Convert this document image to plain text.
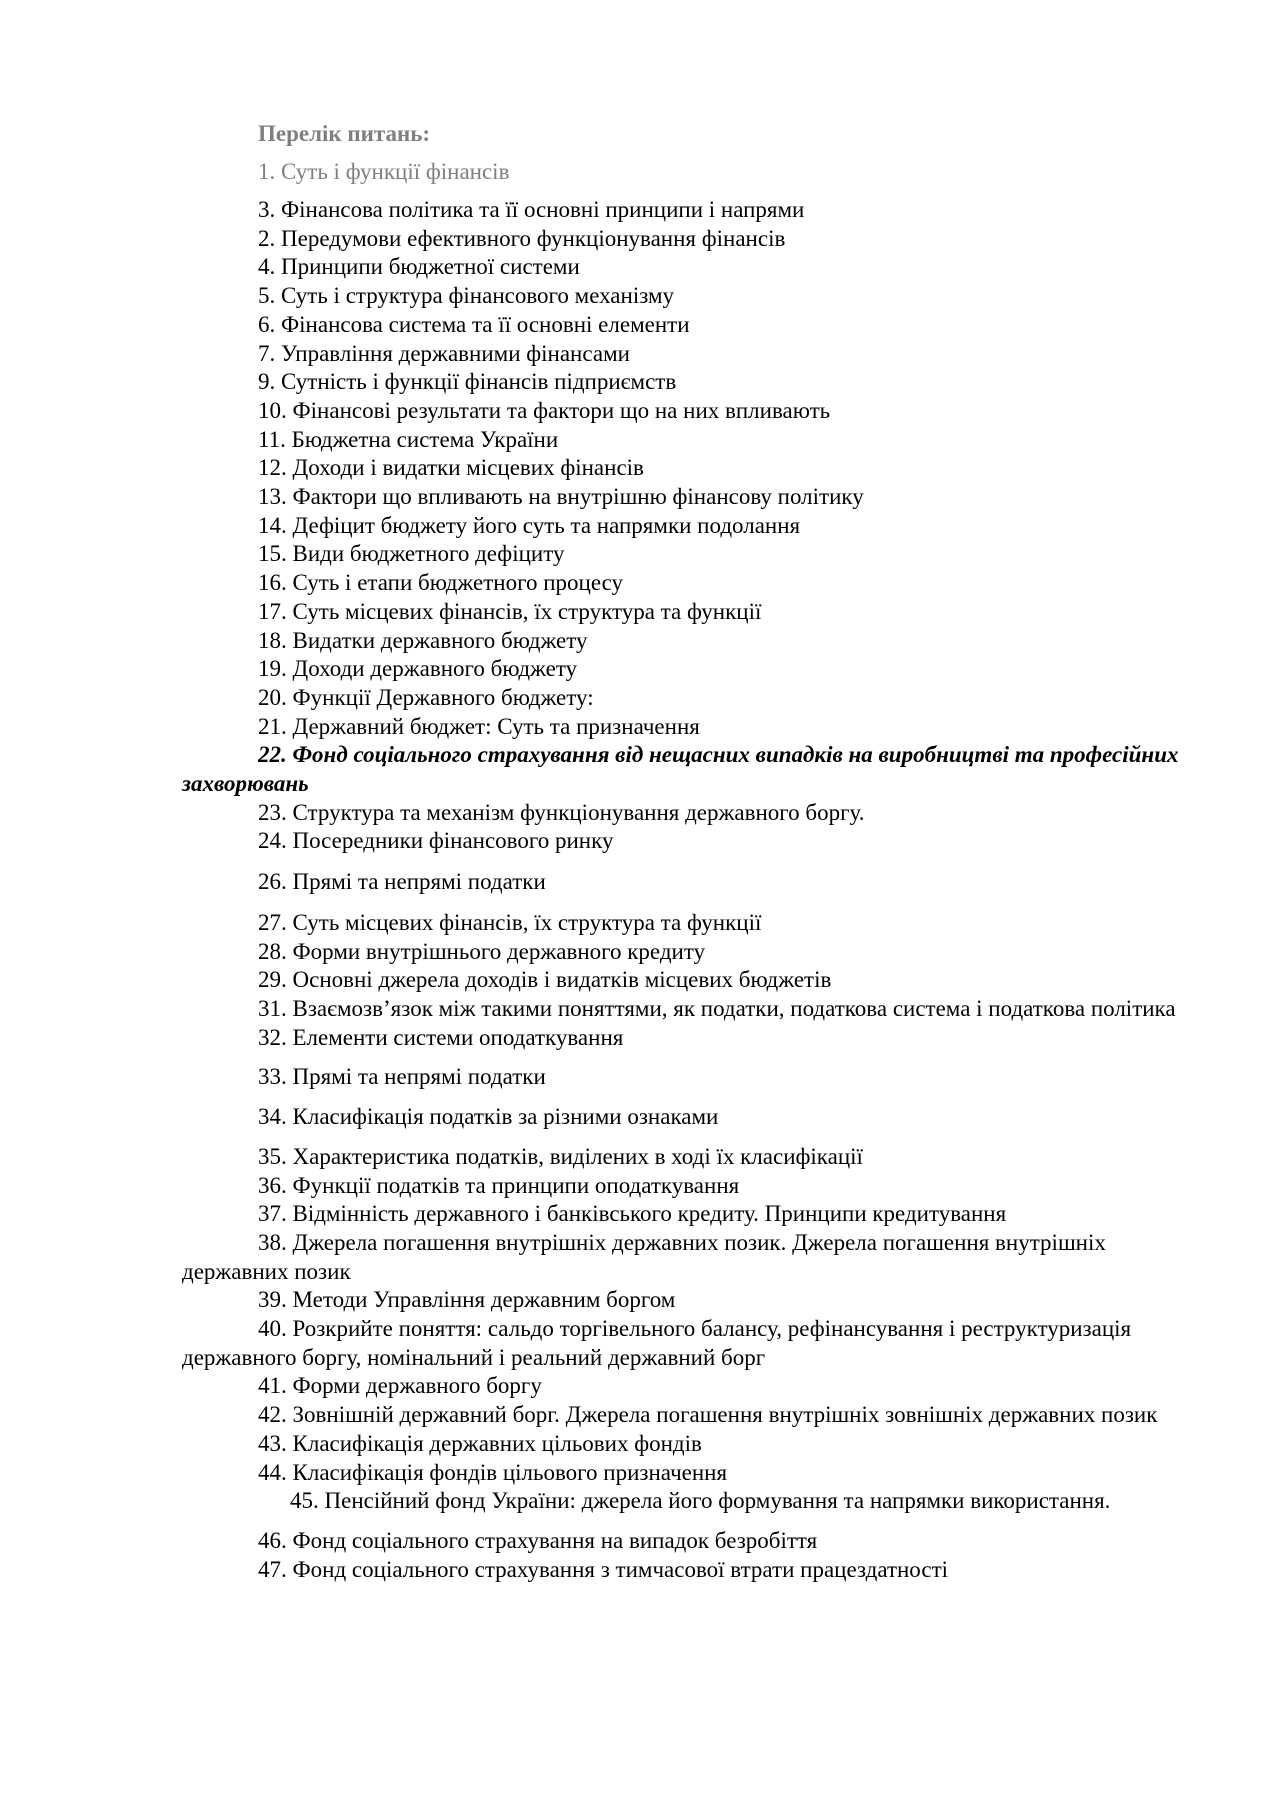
Перелік питань:
1. Суть і функції фінансів
3. Фінансова політика та її основні принципи і напрями
2. Передумови ефективного функціонування фінансів
4. Принципи бюджетної системи
5. Суть і структура фінансового механізму
6. Фінансова система та її основні елементи
7. Управління державними фінансами
9. Сутність і функції фінансів підприємств
10. Фінансові результати та фактори що на них впливають
11. Бюджетна система України
12. Доходи і видатки місцевих фінансів
13. Фактори що впливають на внутрішню фінансову політику
14. Дефіцит бюджету його суть та напрямки подолання
15. Види бюджетного дефіциту
16. Суть і етапи бюджетного процесу
17. Суть місцевих фінансів, їх структура та функції
18. Видатки державного бюджету
19. Доходи державного бюджету
20. Функції Державного бюджету:
21. Державний бюджет: Суть та призначення
22. Фонд соціального страхування від нещасних випадків на виробництві та професійних захворювань
23. Структура та механізм функціонування державного боргу.
24. Посередники фінансового ринку
26. Прямі та непрямі податки
27. Суть місцевих фінансів, їх структура та функції
28. Форми внутрішнього державного кредиту
29. Основні джерела доходів і видатків місцевих бюджетів
31. Взаємозв’язок між такими поняттями, як податки, податкова система і податкова політика
32. Елементи системи оподаткування
33. Прямі та непрямі податки
34. Класифікація податків за різними ознаками
35. Характеристика податків, виділених в ході їх класифікації
36. Функції податків та принципи оподаткування
37. Відмінність державного і банківського кредиту. Принципи кредитування
38. Джерела погашення внутрішніх державних позик. Джерела погашення внутрішніх державних позик
39. Методи Управління державним боргом
40. Розкрийте поняття: сальдо торгівельного балансу, рефінансування і реструктуризація державного боргу, номінальний і реальний державний борг
41. Форми державного боргу
42. Зовнішній державний борг. Джерела погашення внутрішніх зовнішніх державних позик
43. Класифікація державних цільових фондів
44. Класифікація фондів цільового призначення
45. Пенсійний фонд України: джерела його формування та напрямки використання.
46. Фонд соціального страхування на випадок безробіття
47. Фонд соціального страхування з тимчасової втрати працездатності
